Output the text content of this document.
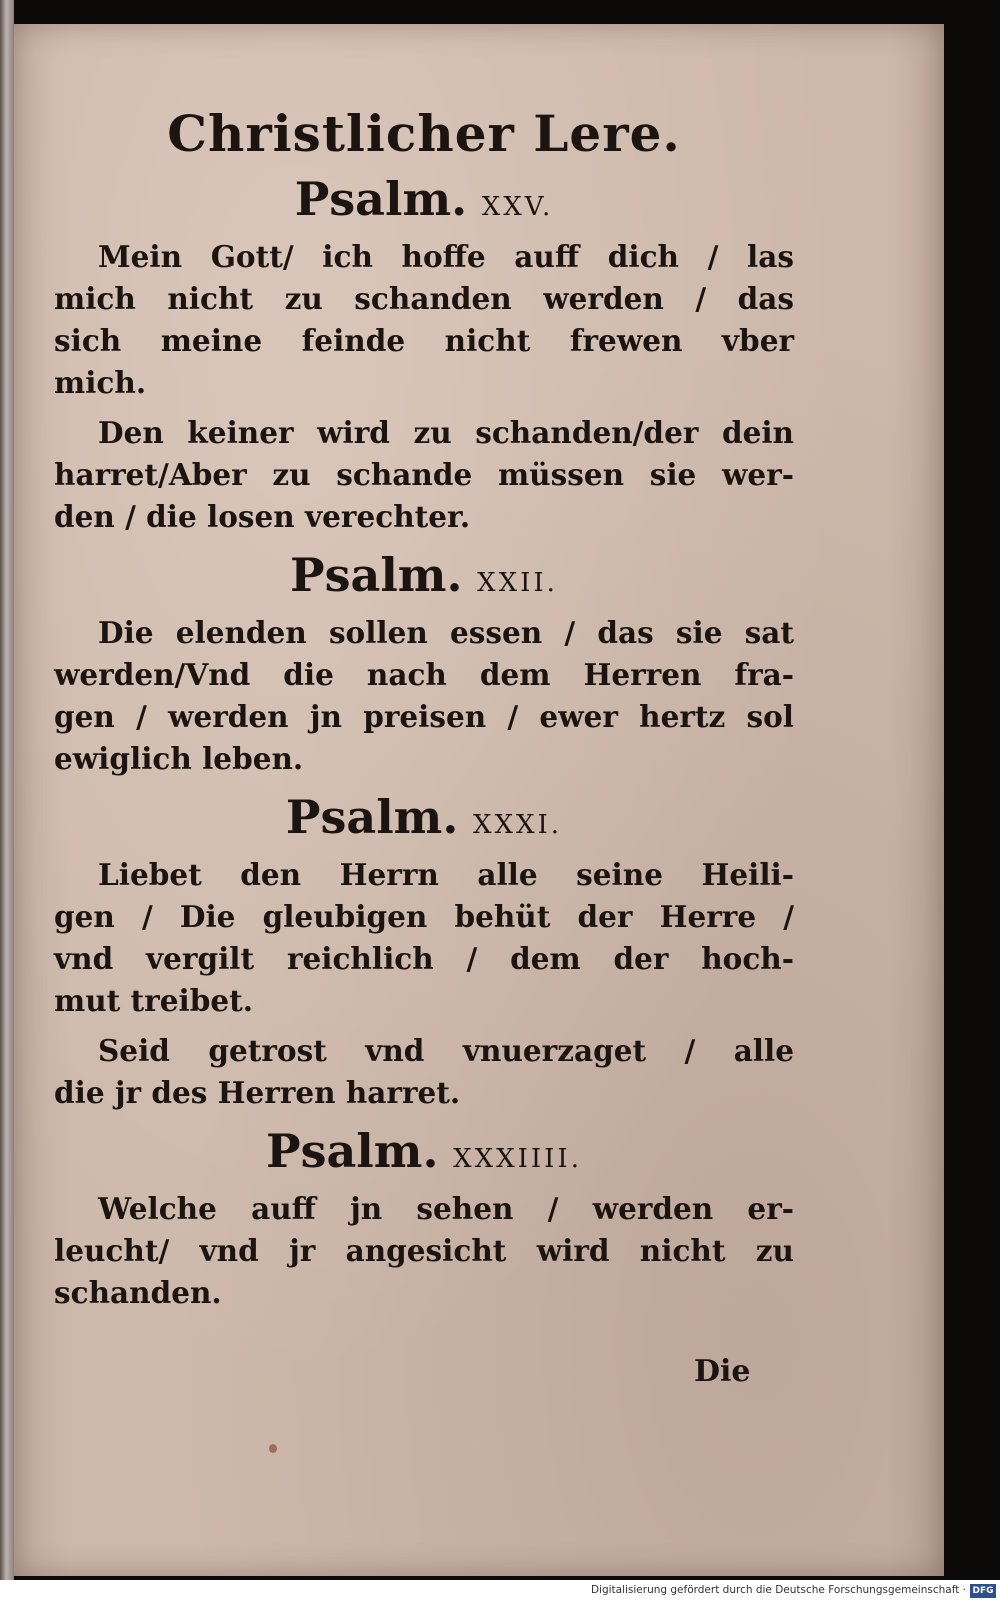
Christlicher Lere.
Psalm. XXV.
Mein Gott/ ich hoffe auff dich / las
mich nicht zu schanden werden / das
sich meine feinde nicht frewen vber
mich.
Den keiner wird zu schanden/der dein
harret/Aber zu schande müssen sie wer-
den / die losen verechter.
Psalm. XXII.
Die elenden sollen essen / das sie sat
werden/Vnd die nach dem Herren fra-
gen / werden jn preisen / ewer hertz sol
ewiglich leben.
Psalm. XXXI.
Liebet den Herrn alle seine Heili-
gen / Die gleubigen behüt der Herre /
vnd vergilt reichlich / dem der hoch-
mut treibet.
Seid getrost vnd vnuerzaget / alle
die jr des Herren harret.
Psalm. XXXIIII.
Welche auff jn sehen / werden er-
leucht/ vnd jr angesicht wird nicht zu
schanden.
Die
Digitalisierung gefördert durch die Deutsche Forschungsgemeinschaft · DFG
